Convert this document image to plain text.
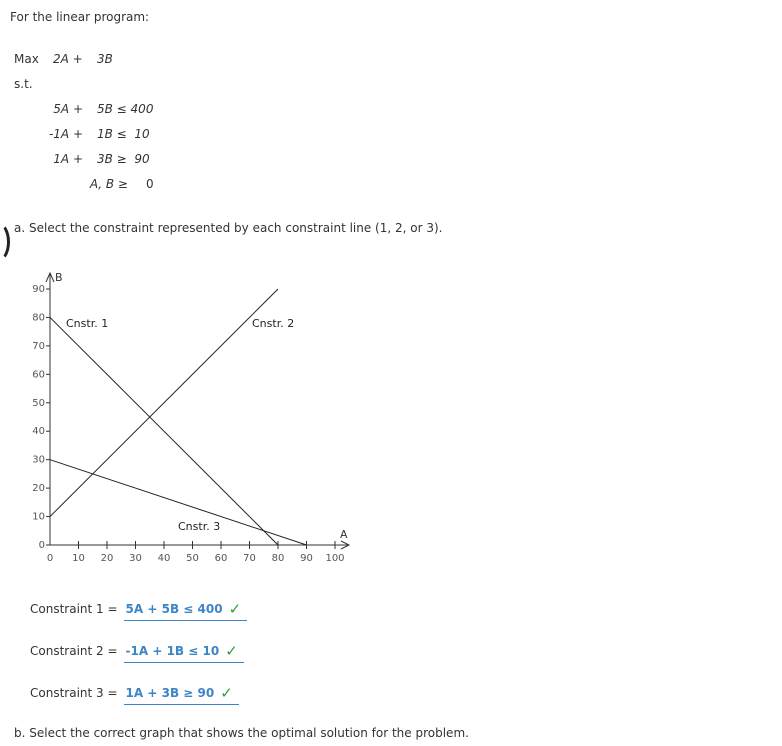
For the linear program:
Max 2A + 3B
s.t.
5A + 5B ≤ 400
-1A + 1B ≤  10
1A + 3B ≥  90
A, B ≥ 0
a. Select the constraint represented by each constraint line (1, 2, or 3).
A
B
0 10 20 30 40 50 60 70 80 90 100
0
10
20
30
40
50
60
70
80
90
Cnstr. 1	Cnstr. 2
Cnstr. 3
Constraint 1 = 5A + 5B ≤ 400 ✓
Constraint 2 = -1A + 1B ≤ 10 ✓
Constraint 3 = 1A + 3B ≥ 90 ✓
b. Select the correct graph that shows the optimal solution for the problem.
